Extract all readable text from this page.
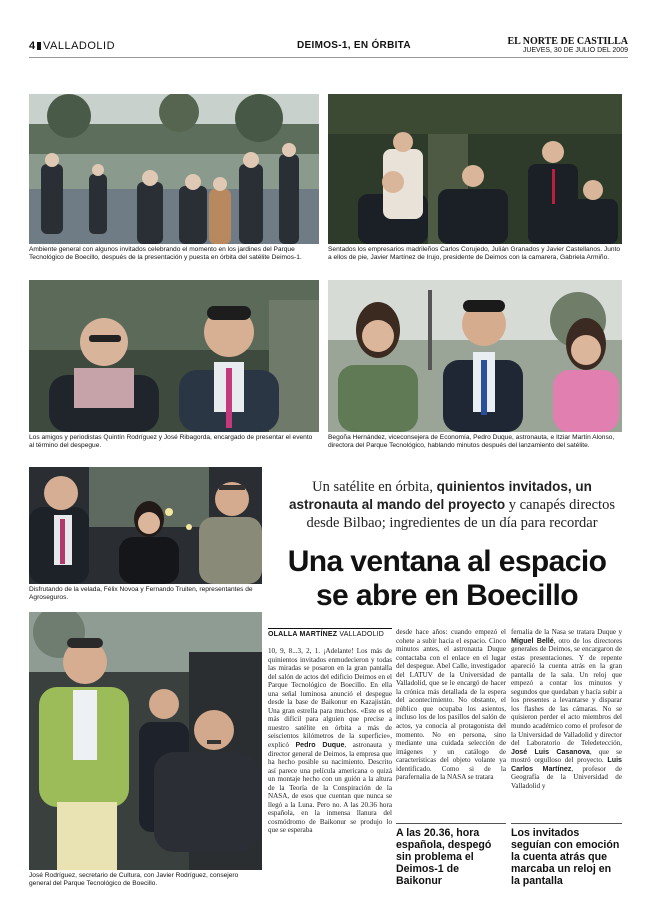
4 VALLADOLID	DEIMOS-1, EN ÓRBITA	EL NORTE DE CASTILLA
JUEVES, 30 DE JULIO DEL 2009
Ambiente general con algunos invitados celebrando el momento en los jardines del Parque Tecnológico de Boecillo, después de la presentación y puesta en órbita del satélite Deimos-1.
Sentados los empresarios madrileños Carlos Corujedo, Julián Granados y Javier Castellanos. Junto a ellos de pie, Javier Martínez de Irujo, presidente de Deimos con la camarera, Gabriela Armiño.
Los amigos y periodistas Quintín Rodríguez y José Ribagorda, encargado de presentar el evento al término del despegue.
Begoña Hernández, viceconsejera de Economía, Pedro Duque, astronauta, e Itziar Martín Alonso, directora del Parque Tecnológico, hablando minutos después del lanzamiento del satélite.
Disfrutando de la velada, Félix Novoa y Fernando Truiten, representantes de Agroseguros.
José Rodríguez, secretario de Cultura, con Javier Rodríguez, consejero general del Parque Tecnológico de Boecillo.
Un satélite en órbita, quinientos invitados, un astronauta al mando del proyecto y canapés directos desde Bilbao; ingredientes de un día para recordar
Una ventana al espacio se abre en Boecillo
OLALLA MARTÍNEZ VALLADOLID
10, 9, 8...3, 2, 1. ¡Adelante! Los más de quinientos invitados enmudecieron y todas las miradas se posaron en la gran pantalla del salón de actos del edificio Deimos en el Parque Tecnológico de Boecillo. En ella una señal luminosa anunció el despegue desde la base de Baikonur en Kazajistán. Una gran estrella para muchos. «Este es el más difícil para alguien que precise a nuestro satélite en órbita a más de seiscientos kilómetros de la superficie», explicó Pedro Duque, astronauta y director general de Deimos, la empresa que ha hecho posible su nacimiento. Descrito así parece una película americana o quizá un montaje hecho con un guión a la altura de la Teoría de la Conspiración de la NASA, de esos que cuentan que nunca se llegó a la Luna. Pero no. A las 20.36 hora española, en la inmensa llanura del cosmódromo de Baikonur se produjo lo que se esperaba
desde hace años: cuando empezó el cohete a subir hacia el espacio. Cinco minutos antes, el astronauta Duque contactaba con el enlace en el lugar del despegue. Abel Calle, investigador del LATUV de la Universidad de Valladolid, que se le encargó de hacer la crónica más detallada de la espera del acontecimiento. No obstante, el público que ocupaba los asientos, incluso los de los pasillos del salón de actos, ya conocía al protagonista del momento. No en persona, sino mediante una cuidada selección de imágenes y un catálogo de características del objeto volante ya identificado. Como si de la parafernalia de la NASA se tratara
fernalia de la Nasa se tratara Duque y Miguel Bellé, otro de los directores generales de Deimos, se encargaron de estas presentaciones. Y de repente apareció la cuenta atrás en la gran pantalla de la sala. Un reloj que empezó a contar los minutos y segundos que quedaban y hacía subir a los presentes a levantarse y disparar los flashes de las cámaras. No se quisieron perder el acto miembros del mundo académico como el profesor de la Universidad de Valladolid y director del Laboratorio de Teledetección, José Luis Casanova, que se mostró orgulloso del proyecto. Luis Carlos Martínez, profesor de Geografía de la Universidad de Valladolid y
A las 20.36, hora española, despegó sin problema el Deimos-1 de Baikonur
Los invitados seguían con emoción la cuenta atrás que marcaba un reloj en la pantalla
